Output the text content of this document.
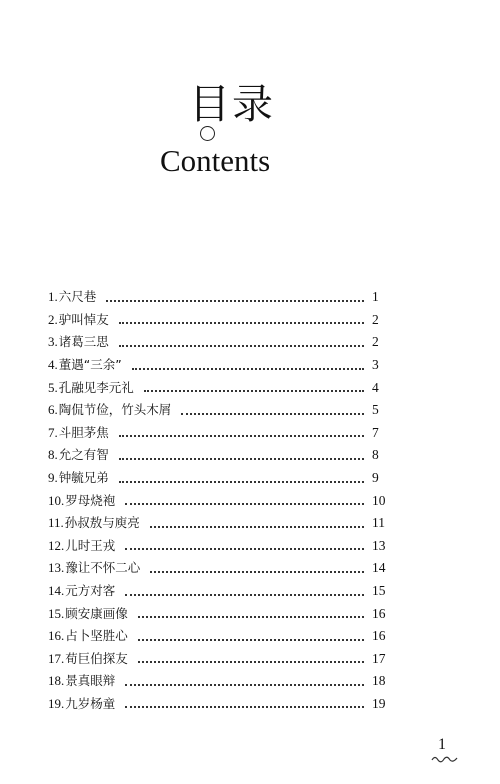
目录
Contents
1. 六尺巷	1
2. 驴叫悼友	2
3. 诸葛三思	2
4. 董遇“三余”	3
5. 孔融见李元礼	4
6. 陶侃节俭，竹头木屑	5
7. 斗胆茅焦	7
8. 允之有智	8
9. 钟毓兄弟	9
10. 罗母烧袍	10
11. 孙叔敖与庾亮	11
12. 儿时王戎	13
13. 豫让不怀二心	14
14. 元方对客	15
15. 顾安康画像	16
16. 占卜坚胜心	16
17. 荀巨伯探友	17
18. 景真眼辩	18
19. 九岁杨童	19
1
